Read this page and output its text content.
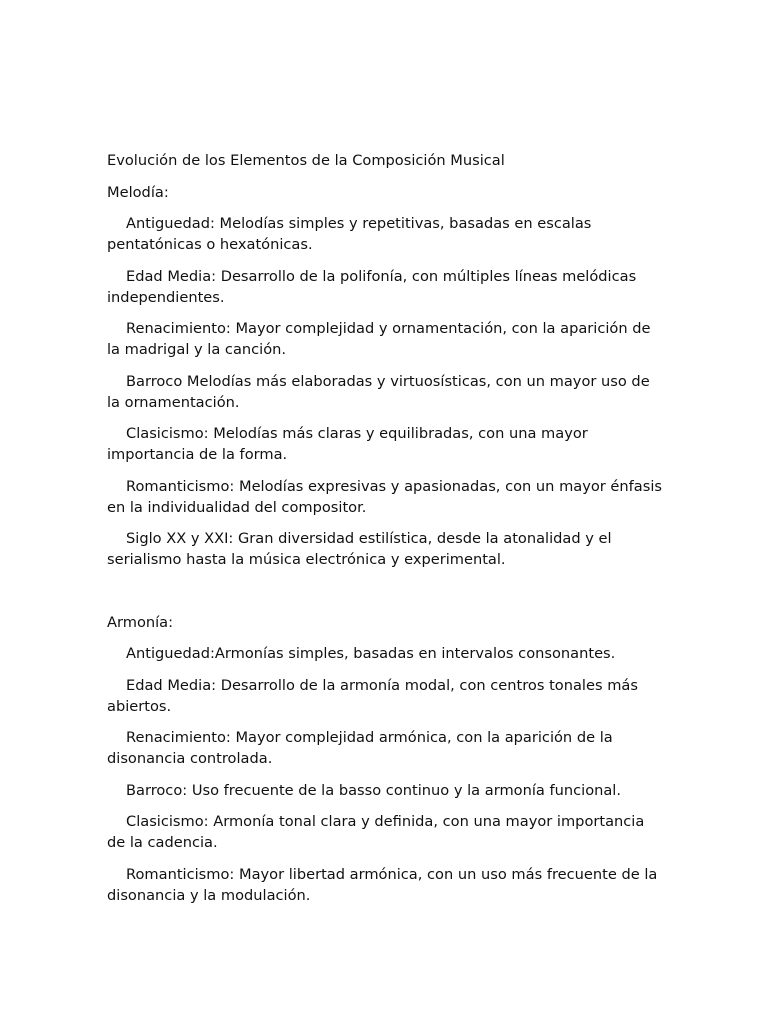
Evolución de los Elementos de la Composición Musical

Melodía:

Antiguedad: Melodías simples y repetitivas, basadas en escalas pentatónicas o hexatónicas.

Edad Media: Desarrollo de la polifonía, con múltiples líneas melódicas independientes.

Renacimiento: Mayor complejidad y ornamentación, con la aparición de la madrigal y la canción.

Barroco Melodías más elaboradas y virtuosísticas, con un mayor uso de la ornamentación.

Clasicismo: Melodías más claras y equilibradas, con una mayor importancia de la forma.

Romanticismo: Melodías expresivas y apasionadas, con un mayor énfasis en la individualidad del compositor.

Siglo XX y XXI: Gran diversidad estilística, desde la atonalidad y el serialismo hasta la música electrónica y experimental.

Armonía:

Antiguedad:Armonías simples, basadas en intervalos consonantes.

Edad Media: Desarrollo de la armonía modal, con centros tonales más abiertos.

Renacimiento: Mayor complejidad armónica, con la aparición de la disonancia controlada.

Barroco: Uso frecuente de la basso continuo y la armonía funcional.

Clasicismo: Armonía tonal clara y definida, con una mayor importancia de la cadencia.

Romanticismo: Mayor libertad armónica, con un uso más frecuente de la disonancia y la modulación.
